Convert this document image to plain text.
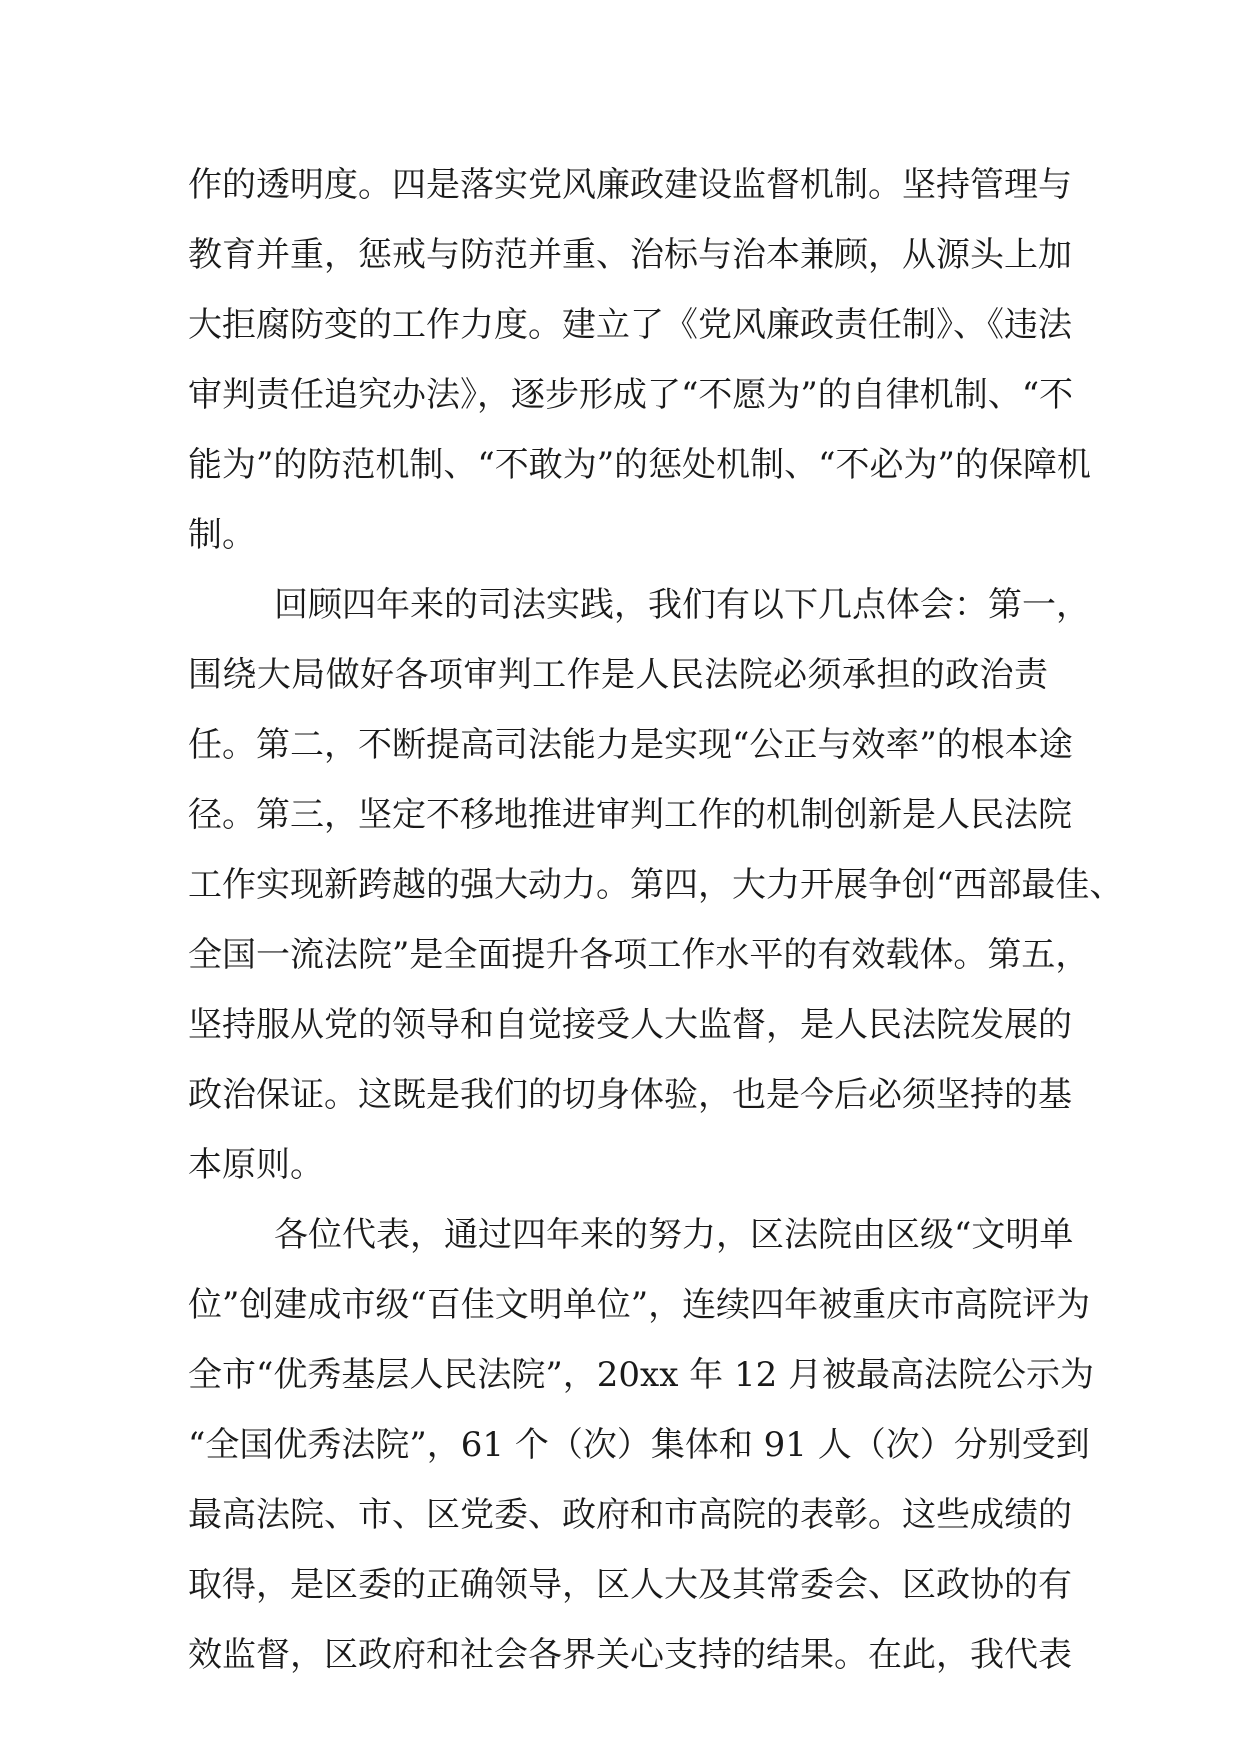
作的透明度。四是落实党风廉政建设监督机制。坚持管理与
教育并重，惩戒与防范并重、治标与治本兼顾，从源头上加
大拒腐防变的工作力度。建立了《党风廉政责任制》、《违法
审判责任追究办法》，逐步形成了“不愿为”的自律机制、“不
能为”的防范机制、“不敢为”的惩处机制、“不必为”的保障机
制。
回顾四年来的司法实践，我们有以下几点体会：第一，
围绕大局做好各项审判工作是人民法院必须承担的政治责
任。第二，不断提高司法能力是实现“公正与效率”的根本途
径。第三，坚定不移地推进审判工作的机制创新是人民法院
工作实现新跨越的强大动力。第四，大力开展争创“西部最佳、
全国一流法院”是全面提升各项工作水平的有效载体。第五，
坚持服从党的领导和自觉接受人大监督，是人民法院发展的
政治保证。这既是我们的切身体验，也是今后必须坚持的基
本原则。
各位代表，通过四年来的努力，区法院由区级“文明单
位”创建成市级“百佳文明单位”，连续四年被重庆市高院评为
全市“优秀基层人民法院”，20xx 年 12 月被最高法院公示为
“全国优秀法院”，61 个（次）集体和 91 人（次）分别受到
最高法院、市、区党委、政府和市高院的表彰。这些成绩的
取得，是区委的正确领导，区人大及其常委会、区政协的有
效监督，区政府和社会各界关心支持的结果。在此，我代表
